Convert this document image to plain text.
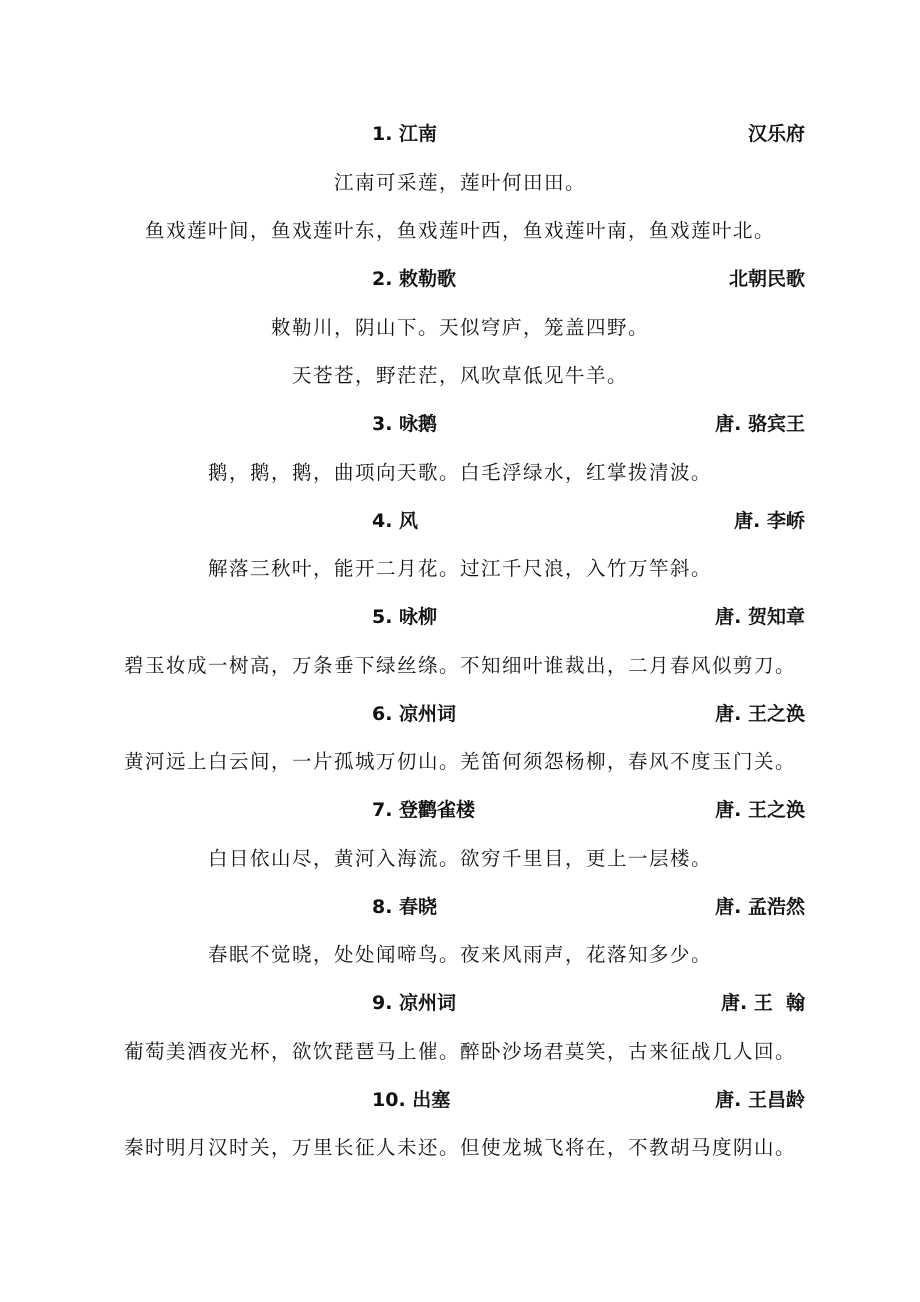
1. 江南	汉乐府
江南可采莲，莲叶何田田。
鱼戏莲叶间，鱼戏莲叶东，鱼戏莲叶西，鱼戏莲叶南，鱼戏莲叶北。
2. 敕勒歌	北朝民歌
敕勒川，阴山下。天似穹庐，笼盖四野。
天苍苍，野茫茫，风吹草低见牛羊。
3. 咏鹅	唐. 骆宾王
鹅，鹅，鹅，曲项向天歌。白毛浮绿水，红掌拨清波。
4. 风	唐. 李峤
解落三秋叶，能开二月花。过江千尺浪，入竹万竿斜。
5. 咏柳	唐. 贺知章
碧玉妆成一树高，万条垂下绿丝绦。不知细叶谁裁出，二月春风似剪刀。
6. 凉州词	唐. 王之涣
黄河远上白云间，一片孤城万仞山。羌笛何须怨杨柳，春风不度玉门关。
7. 登鹳雀楼	唐. 王之涣
白日依山尽，黄河入海流。欲穷千里目，更上一层楼。
8. 春晓	唐. 孟浩然
春眠不觉晓，处处闻啼鸟。夜来风雨声，花落知多少。
9. 凉州词	唐. 王  翰
葡萄美酒夜光杯，欲饮琵琶马上催。醉卧沙场君莫笑，古来征战几人回。
10. 出塞	唐. 王昌龄
秦时明月汉时关，万里长征人未还。但使龙城飞将在，不教胡马度阴山。
